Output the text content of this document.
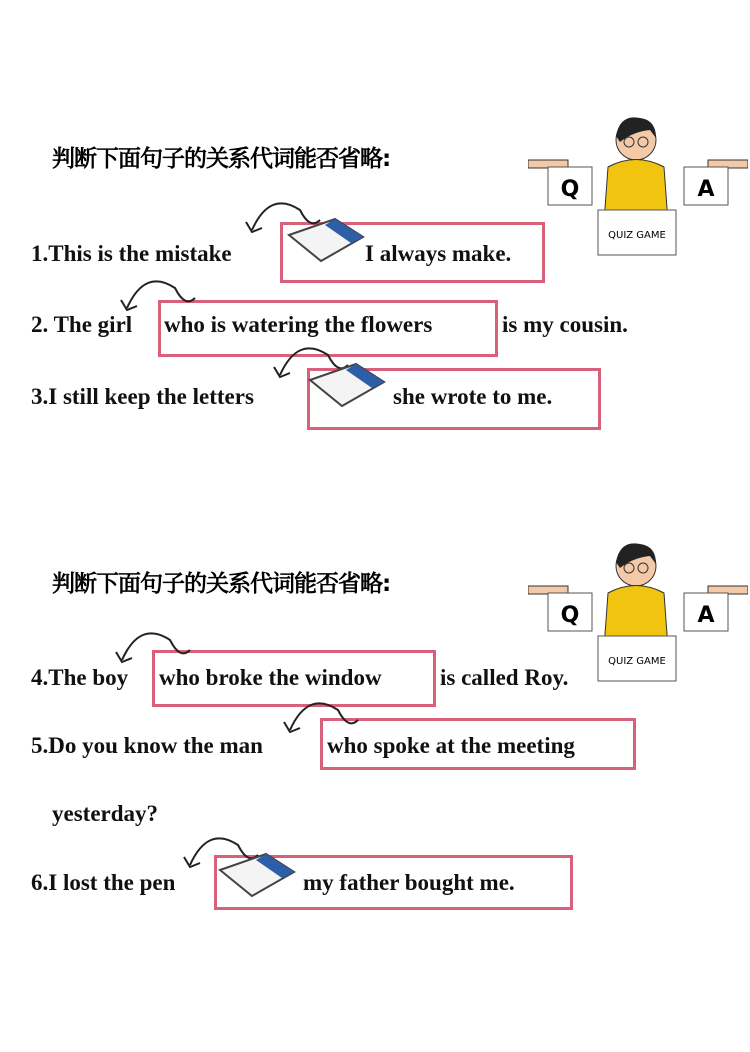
判断下面句子的关系代词能否省略:
Q	A
QUIZ GAME
1.This is the mistake	I always make.
2. The girl who is watering the flowers	is my cousin.
3.I still keep the letters	she wrote to me.
判断下面句子的关系代词能否省略:
Q	A
QUIZ GAME
4.The boy who broke the window	is called Roy.
5.Do you know the man	who spoke at the meeting
yesterday?
6.I lost the pen	my father bought me.
